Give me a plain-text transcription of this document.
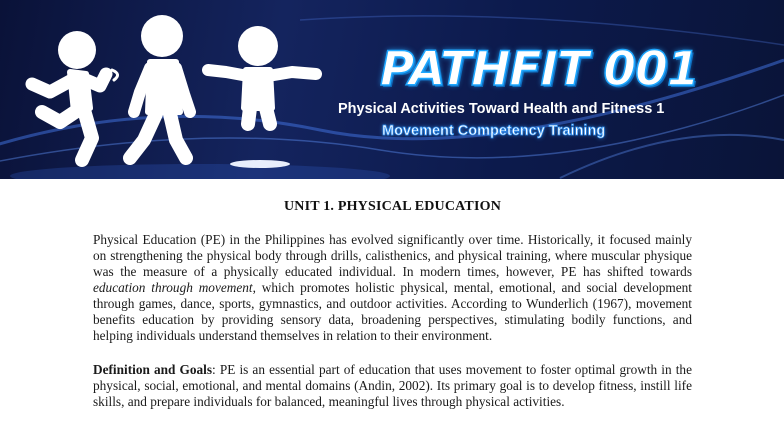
PATHFIT 001

Physical Activities Toward Health and Fitness 1

Movement Competency Training

UNIT 1. PHYSICAL EDUCATION

Physical Education (PE) in the Philippines has evolved significantly over time. Historically, it focused mainly on strengthening the physical body through drills, calisthenics, and physical training, where muscular physique was the measure of a physically educated individual. In modern times, however, PE has shifted towards education through movement, which promotes holistic physical, mental, emotional, and social development through games, dance, sports, gymnastics, and outdoor activities. According to Wunderlich (1967), movement benefits education by providing sensory data, broadening perspectives, stimulating bodily functions, and helping individuals understand themselves in relation to their environment.

Definition and Goals: PE is an essential part of education that uses movement to foster optimal growth in the physical, social, emotional, and mental domains (Andin, 2002). Its primary goal is to develop fitness, instill life skills, and prepare individuals for balanced, meaningful lives through physical activities.
